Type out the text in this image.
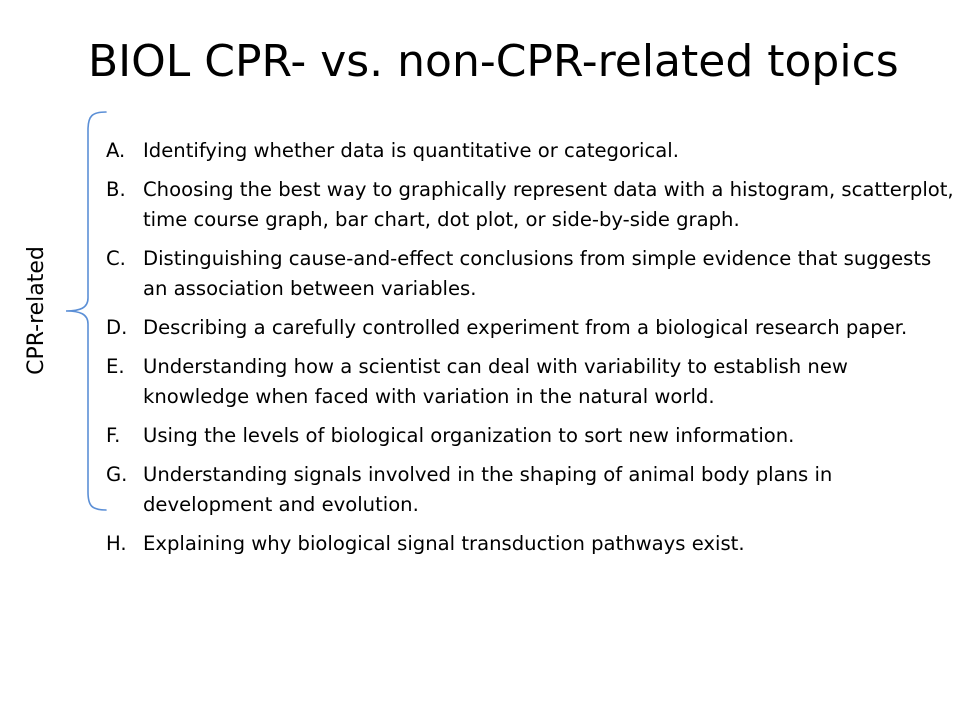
BIOL CPR- vs. non-CPR-related topics
CPR-related
A. Identifying whether data is quantitative or categorical.
B. Choosing the best way to graphically represent data with a histogram, scatterplot, time course graph, bar chart, dot plot, or side-by-side graph.
C. Distinguishing cause-and-effect conclusions from simple evidence that suggests an association between variables.
D. Describing a carefully controlled experiment from a biological research paper.
E. Understanding how a scientist can deal with variability to establish new knowledge when faced with variation in the natural world.
F. Using the levels of biological organization to sort new information.
G. Understanding signals involved in the shaping of animal body plans in development and evolution.
H. Explaining why biological signal transduction pathways exist.
